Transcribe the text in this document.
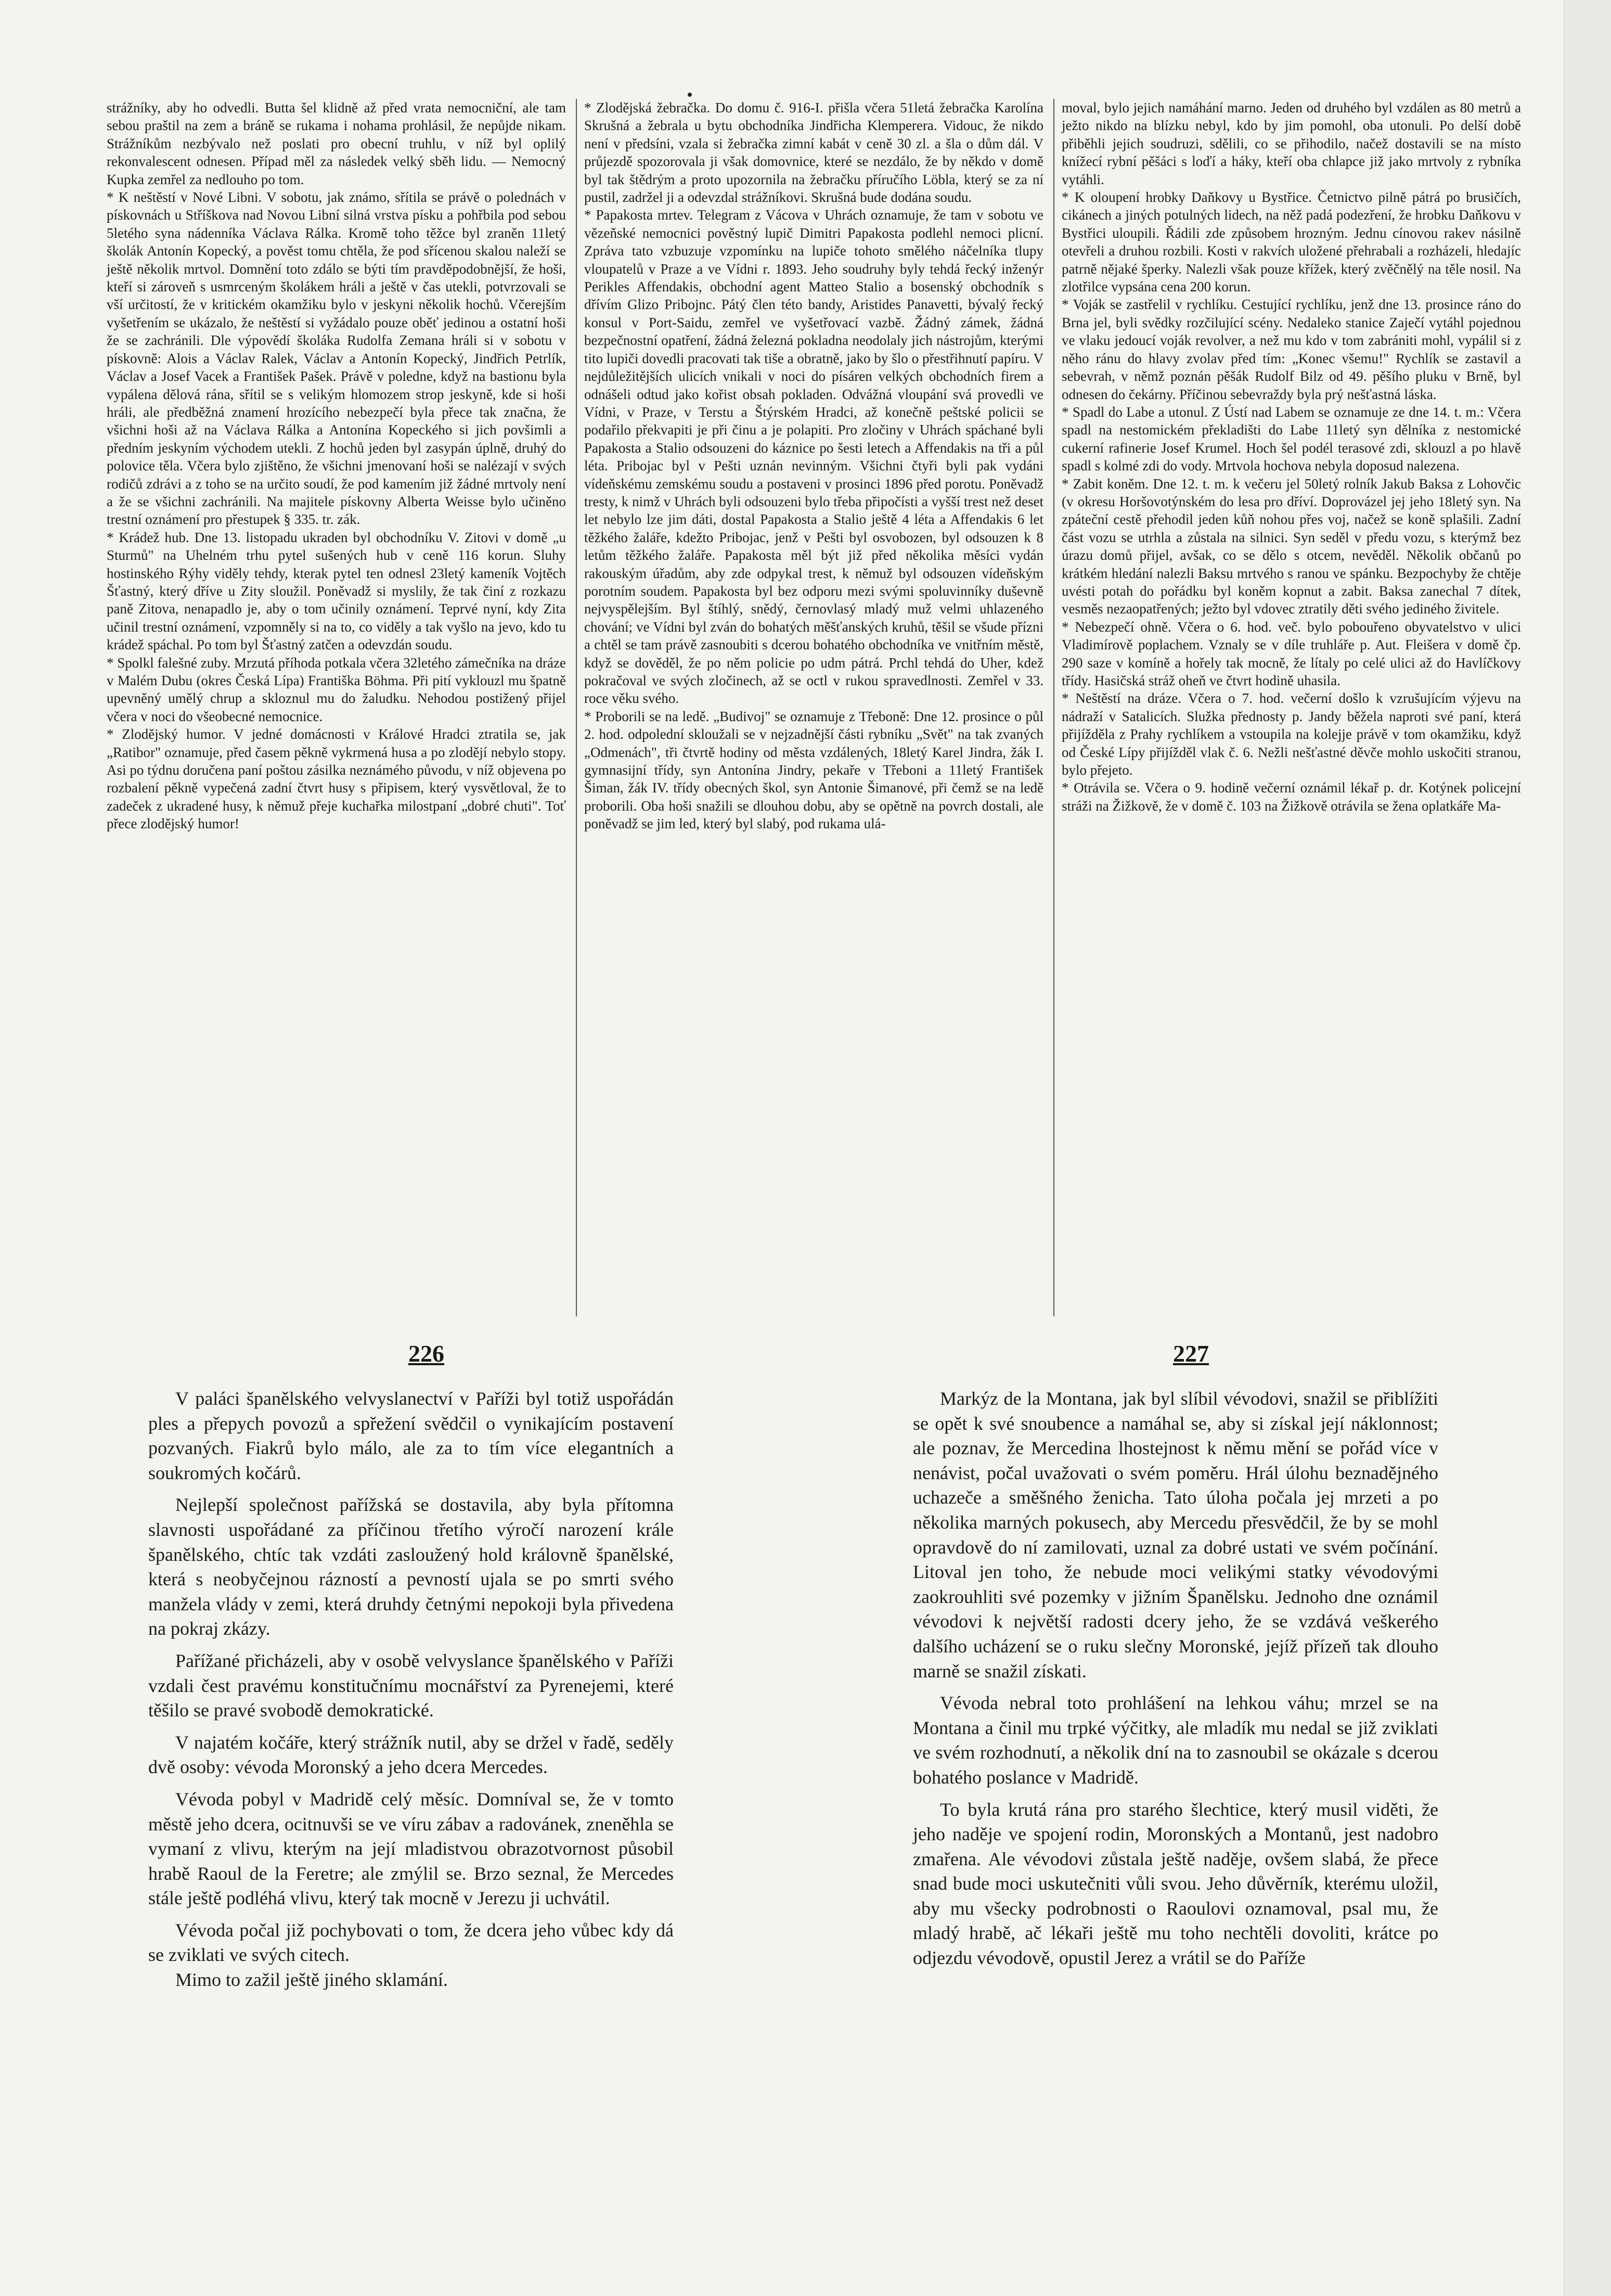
strážníky, aby ho odvedli. Butta šel klidně až před vrata nemocniční, ale tam sebou praštil na zem a bráně se rukama i nohama prohlásil, že nepůjde nikam. Strážníkům nezbývalo než poslati pro obecní truhlu, v níž byl oplilý rekonvalescent odnesen. Případ měl za následek velký sběh lidu. — Nemocný Kupka zemřel za nedlouho po tom.

* K neštěstí v Nové Libni. V sobotu, jak známo, sřítila se právě o polednách v pískovnách u Stříškova nad Novou Libní silná vrstva písku a pohřbila pod sebou 5letého syna nádenníka Václava Rálka. Kromě toho těžce byl zraněn 11letý školák Antonín Kopecký, a pověst tomu chtěla, že pod sřícenou skalou naleží se ještě několik mrtvol. Domnění toto zdálo se býti tím pravděpodobnější, že hoši, kteří si zároveň s usmrceným školákem hráli a ještě v čas utekli, potvrzovali se vší určitostí, že v kritickém okamžiku bylo v jeskyni několik hochů. Včerejším vyšetřením se ukázalo, že neštěstí si vyžádalo pouze oběť jedinou a ostatní hoši že se zachránili. Dle výpovědí školáka Rudolfa Zemana hráli si v sobotu v pískovně: Alois a Václav Ralek, Václav a Antonín Kopecký, Jindřich Petrlík, Václav a Josef Vacek a František Pašek. Právě v poledne, když na bastionu byla vypálena dělová rána, sřítil se s velikým hlomozem strop jeskyně, kde si hoši hráli, ale předběžná znamení hrozícího nebezpečí byla přece tak značna, že všichni hoši až na Václava Rálka a Antonína Kopeckého si jich povšimli a předním jeskyním východem utekli. Z hochů jeden byl zasypán úplně, druhý do polovice těla. Včera bylo zjištěno, že všichni jmenovaní hoši se nalézají v svých rodičů zdrávi a z toho se na určito soudí, že pod kamením již žádné mrtvoly není a že se všichni zachránili. Na majitele pískovny Alberta Weisse bylo učiněno trestní oznámení pro přestupek § 335. tr. zák.

* Krádež hub. Dne 13. listopadu ukraden byl obchodníku V. Zitovi v domě „u Sturmů" na Uhelném trhu pytel sušených hub v ceně 116 korun. Sluhy hostinského Rýhy viděly tehdy, kterak pytel ten odnesl 23letý kameník Vojtěch Šťastný, který dříve u Zity sloužil. Poněvadž si myslily, že tak činí z rozkazu paně Zitova, nenapadlo je, aby o tom učinily oznámení. Teprvé nyní, kdy Zita učinil trestní oznámení, vzpomněly si na to, co viděly a tak vyšlo na jevo, kdo tu krádež spáchal. Po tom byl Šťastný zatčen a odevzdán soudu.

* Spolkl falešné zuby. Mrzutá příhoda potkala včera 32letého zámečníka na dráze v Malém Dubu (okres Česká Lípa) Františka Böhma. Při pití vyklouzl mu špatně upevněný umělý chrup a skloznul mu do žaludku. Nehodou postižený přijel včera v noci do všeobecné nemocnice.

* Zlodějský humor. V jedné domácnosti v Králové Hradci ztratila se, jak „Ratibor" oznamuje, před časem pěkně vykrmená husa a po zlodějí nebylo stopy. Asi po týdnu doručena paní poštou zásilka neznámého původu, v níž objevena po rozbalení pěkně vypečená zadní čtvrt husy s připisem, který vysvětloval, že to zadeček z ukradené husy, k němuž přeje kuchařka milostpaní „dobré chuti". Toť přece zlodějský humor!

* Zlodějská žebračka. Do domu č. 916-I. přišla včera 51letá žebračka Karolína Skrušná a žebrala u bytu obchodníka Jindřicha Klemperera. Vidouc, že nikdo není v předsíni, vzala si žebračka zimní kabát v ceně 30 zl. a šla o dům dál. V průjezdě spozorovala ji však domovnice, které se nezdálo, že by někdo v domě byl tak štědrým a proto upozornila na žebračku příručího Löbla, který se za ní pustil, zadržel ji a odevzdal strážníkovi. Skrušná bude dodána soudu.

* Papakosta mrtev. Telegram z Vácova v Uhrách oznamuje, že tam v sobotu ve vězeňské nemocnici pověstný lupič Dimitri Papakosta podlehl nemoci plicní. Zpráva tato vzbuzuje vzpomínku na lupiče tohoto smělého náčelníka tlupy vloupatelů v Praze a ve Vídni r. 1893. Jeho soudruhy byly tehdá řecký inženýr Perikles Affendakis, obchodní agent Matteo Stalio a bosenský obchodník s dřívím Glizo Pribojnc. Pátý člen této bandy, Aristides Panavetti, bývalý řecký konsul v Port-Saidu, zemřel ve vyšetřovací vazbě. Žádný zámek, žádná bezpečnostní opatření, žádná železná pokladna neodolaly jich nástrojům, kterými tito lupiči dovedli pracovati tak tiše a obratně, jako by šlo o přestřihnutí papíru. V nejdůležitějších ulicích vnikali v noci do písáren velkých obchodních firem a odnášeli odtud jako kořist obsah pokladen. Odvážná vloupání svá provedli ve Vídni, v Praze, v Terstu a Štýrském Hradci, až konečně peštské policii se podařilo překvapiti je při činu a je polapiti. Pro zločiny v Uhrách spáchané byli Papakosta a Stalio odsouzeni do káznice po šesti letech a Affendakis na tři a půl léta. Pribojac byl v Pešti uznán nevinným. Všichni čtyři byli pak vydáni vídeňskému zemskému soudu a postaveni v prosinci 1896 před porotu. Poněvadž tresty, k nimž v Uhrách byli odsouzeni bylo třeba připočísti a vyšší trest než deset let nebylo lze jim dáti, dostal Papakosta a Stalio ještě 4 léta a Affendakis 6 let těžkého žaláře, kdežto Pribojac, jenž v Pešti byl osvobozen, byl odsouzen k 8 letům těžkého žaláře. Papakosta měl být již před několika měsíci vydán rakouským úřadům, aby zde odpykal trest, k němuž byl odsouzen vídeňským porotním soudem. Papakosta byl bez odporu mezi svými spoluvinníky duševně nejvyspělejším. Byl štíhlý, snědý, černovlasý mladý muž velmi uhlazeného chování; ve Vídni byl zván do bohatých měšťanských kruhů, těšil se všude přízni a chtěl se tam právě zasnoubiti s dcerou bohatého obchodníka ve vnitřním městě, když se dověděl, že po něm policie po udm pátrá. Prchl tehdá do Uher, kdež pokračoval ve svých zločinech, až se octl v rukou spravedlnosti. Zemřel v 33. roce věku svého.

* Proborili se na ledě. „Budivoj" se oznamuje z Třeboně: Dne 12. prosince o půl 2. hod. odpolední skloužali se v nejzadnější části rybníku „Svět" na tak zvaných „Odmenách", tři čtvrtě hodiny od města vzdálených, 18letý Karel Jindra, žák I. gymnasijní třídy, syn Antonína Jindry, pekaře v Třeboni a 11letý František Šiman, žák IV. třídy obecných škol, syn Antonie Šimanové, při čemž se na ledě proborili. Oba hoši snažili se dlouhou dobu, aby se opětně na povrch dostali, ale poněvadž se jim led, který byl slabý, pod rukama ulá-

moval, bylo jejich namáhání marno. Jeden od druhého byl vzdálen as 80 metrů a ježto nikdo na blízku nebyl, kdo by jim pomohl, oba utonuli. Po delší době přiběhli jejich soudruzi, sdělili, co se přihodilo, načež dostavili se na místo knížecí rybní pěšáci s loďí a háky, kteří oba chlapce již jako mrtvoly z rybníka vytáhli.

* K oloupení hrobky Daňkovy u Bystřice. Četnictvo pilně pátrá po brusičích, cikánech a jiných potulných lidech, na něž padá podezření, že hrobku Daňkovu v Bystřici uloupili. Řádili zde způsobem hrozným. Jednu cínovou rakev násilně otevřeli a druhou rozbili. Kosti v rakvích uložené přehrabali a rozházeli, hledajíc patrně nějaké šperky. Nalezli však pouze křížek, který zvěčnělý na těle nosil. Na zlotřilce vypsána cena 200 korun.

* Voják se zastřelil v rychlíku. Cestující rychlíku, jenž dne 13. prosince ráno do Brna jel, byli svědky rozčilující scény. Nedaleko stanice Zaječí vytáhl pojednou ve vlaku jedoucí voják revolver, a než mu kdo v tom zabrániti mohl, vypálil si z něho ránu do hlavy zvolav před tím: „Konec všemu!" Rychlík se zastavil a sebevrah, v němž poznán pěšák Rudolf Bilz od 49. pěšího pluku v Brně, byl odnesen do čekárny. Příčinou sebevraždy byla prý nešťastná láska.

* Spadl do Labe a utonul. Z Ústí nad Labem se oznamuje ze dne 14. t. m.: Včera spadl na nestomickém překladišti do Labe 11letý syn dělníka z nestomické cukerní rafinerie Josef Krumel. Hoch šel podél terasové zdi, sklouzl a po hlavě spadl s kolmé zdi do vody. Mrtvola hochova nebyla doposud nalezena.

* Zabit koněm. Dne 12. t. m. k večeru jel 50letý rolník Jakub Baksa z Lohovčic (v okresu Horšovotýnském do lesa pro dříví. Doprovázel jej jeho 18letý syn. Na zpáteční cestě přehodil jeden kůň nohou přes voj, načež se koně splašili. Zadní část vozu se utrhla a zůstala na silnici. Syn seděl v předu vozu, s kterýmž bez úrazu domů přijel, avšak, co se dělo s otcem, nevěděl. Několik občanů po krátkém hledání nalezli Baksu mrtvého s ranou ve spánku. Bezpochyby že chtěje uvésti potah do pořádku byl koněm kopnut a zabit. Baksa zanechal 7 dítek, vesměs nezaopatřených; ježto byl vdovec ztratily děti svého jediného živitele.

* Nebezpečí ohně. Včera o 6. hod. več. bylo pobouřeno obyvatelstvo v ulici Vladimírově poplachem. Vznaly se v díle truhláře p. Aut. Fleišera v domě čp. 290 saze v komíně a hořely tak mocně, že lítaly po celé ulici až do Havlíčkovy třídy. Hasičská stráž oheň ve čtvrt hodině uhasila.

* Neštěstí na dráze. Včera o 7. hod. večerní došlo k vzrušujícím výjevu na nádraží v Satalicích. Služka přednosty p. Jandy běžela naproti své paní, která přijížděla z Prahy rychlíkem a vstoupila na kolejje právě v tom okamžiku, když od České Lípy přijížděl vlak č. 6. Nežli nešťastné děvče mohlo uskočiti stranou, bylo přejeto.

* Otrávila se. Včera o 9. hodině večerní oznámil lékař p. dr. Kotýnek policejní stráži na Žižkově, že v domě č. 103 na Žižkově otrávila se žena oplatkáře Ma-

226	227

V paláci španělského velvyslanectví v Paříži byl totiž uspořádán ples a přepych povozů a spřežení svědčil o vynikajícím postavení pozvaných. Fiakrů bylo málo, ale za to tím více elegantních a soukromých kočárů.

Nejlepší společnost pařížská se dostavila, aby byla přítomna slavnosti uspořádané za příčinou třetího výročí narození krále španělského, chtíc tak vzdáti zasloužený hold královně španělské, která s neobyčejnou rázností a pevností ujala se po smrti svého manžela vlády v zemi, která druhdy četnými nepokoji byla přivedena na pokraj zkázy.

Pařížané přicházeli, aby v osobě velvyslance španělského v Paříži vzdali čest pravému konstitučnímu mocnářství za Pyrenejemi, které těšilo se pravé svobodě demokratické.

V najatém kočáře, který strážník nutil, aby se držel v řadě, seděly dvě osoby: vévoda Moronský a jeho dcera Mercedes.

Vévoda pobyl v Madridě celý měsíc. Domníval se, že v tomto městě jeho dcera, ocitnuvši se ve víru zábav a radovánek, zneněhla se vymaní z vlivu, kterým na její mladistvou obrazotvornost působil hrabě Raoul de la Feretre; ale zmýlil se. Brzo seznal, že Mercedes stále ještě podléhá vlivu, který tak mocně v Jerezu ji uchvátil.

Vévoda počal již pochybovati o tom, že dcera jeho vůbec kdy dá se zviklati ve svých citech.

Mimo to zažil ještě jiného sklamání.

Markýz de la Montana, jak byl slíbil vévodovi, snažil se přiblížiti se opět k své snoubence a namáhal se, aby si získal její náklonnost; ale poznav, že Mercedina lhostejnost k němu mění se pořád více v nenávist, počal uvažovati o svém poměru. Hrál úlohu beznadějného uchazeče a směšného ženicha. Tato úloha počala jej mrzeti a po několika marných pokusech, aby Mercedu přesvědčil, že by se mohl opravdově do ní zamilovati, uznal za dobré ustati ve svém počínání. Litoval jen toho, že nebude moci velikými statky vévodovými zaokrouhliti své pozemky v jižním Španělsku. Jednoho dne oznámil vévodovi k největší radosti dcery jeho, že se vzdává veškerého dalšího ucházení se o ruku slečny Moronské, jejíž přízeň tak dlouho marně se snažil získati.

Vévoda nebral toto prohlášení na lehkou váhu; mrzel se na Montana a činil mu trpké výčitky, ale mladík mu nedal se již zviklati ve svém rozhodnutí, a několik dní na to zasnoubil se okázale s dcerou bohatého poslance v Madridě.

To byla krutá rána pro starého šlechtice, který musil viděti, že jeho naděje ve spojení rodin, Moronských a Montanů, jest nadobro zmařena. Ale vévodovi zůstala ještě naděje, ovšem slabá, že přece snad bude moci uskutečniti vůli svou. Jeho důvěrník, kterému uložil, aby mu všecky podrobnosti o Raoulovi oznamoval, psal mu, že mladý hrabě, ač lékaři ještě mu toho nechtěli dovoliti, krátce po odjezdu vévodově, opustil Jerez a vrátil se do Paříže
